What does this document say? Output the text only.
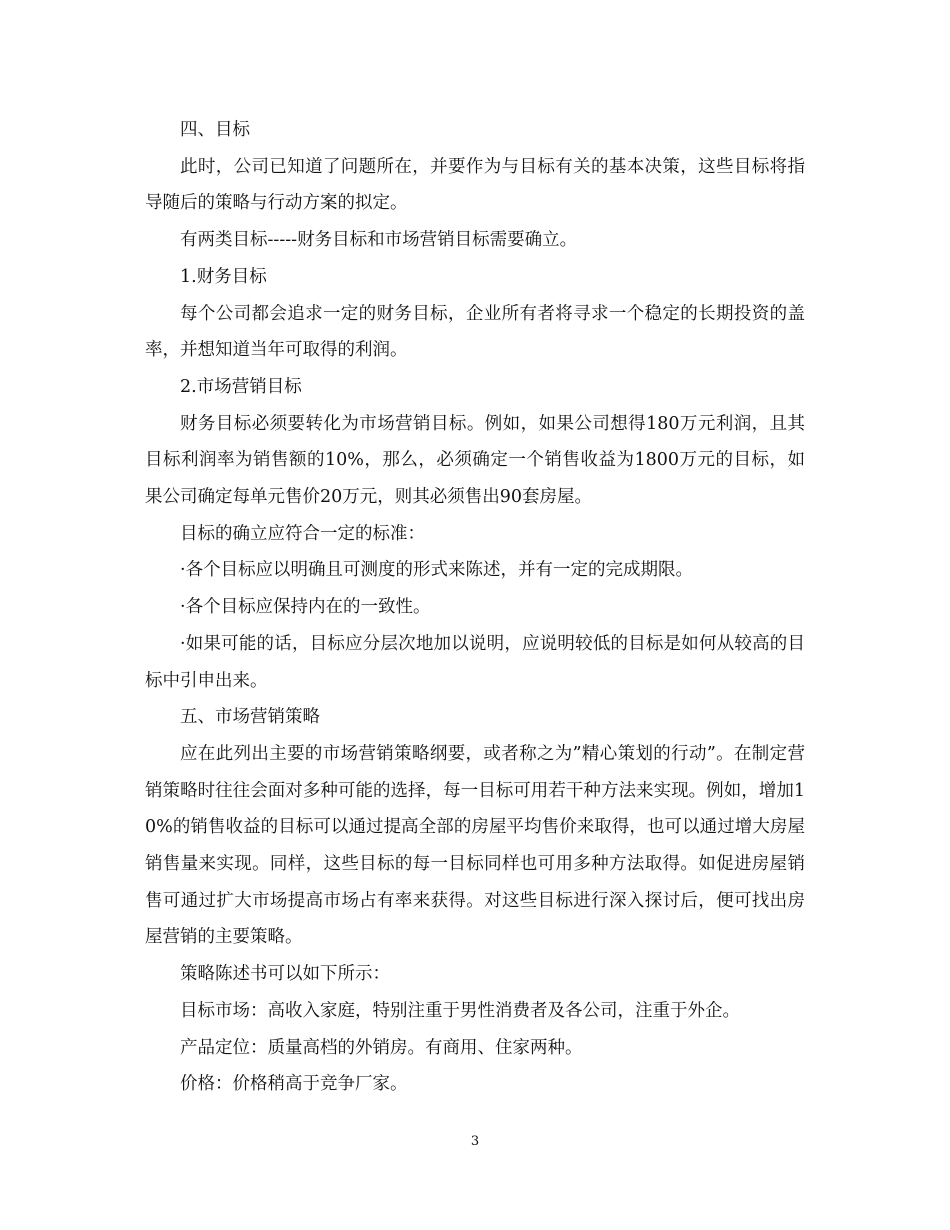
四、目标

此时，公司已知道了问题所在，并要作为与目标有关的基本决策，这些目标将指导随后的策略与行动方案的拟定。

有两类目标-----财务目标和市场营销目标需要确立。

1.财务目标

每个公司都会追求一定的财务目标，企业所有者将寻求一个稳定的长期投资的盖率，并想知道当年可取得的利润。

2.市场营销目标

财务目标必须要转化为市场营销目标。例如，如果公司想得180万元利润，且其目标利润率为销售额的10%，那么，必须确定一个销售收益为1800万元的目标，如果公司确定每单元售价20万元，则其必须售出90套房屋。

目标的确立应符合一定的标准：

·各个目标应以明确且可测度的形式来陈述，并有一定的完成期限。

·各个目标应保持内在的一致性。

·如果可能的话，目标应分层次地加以说明，应说明较低的目标是如何从较高的目标中引申出来。

五、市场营销策略

应在此列出主要的市场营销策略纲要，或者称之为”精心策划的行动”。在制定营销策略时往往会面对多种可能的选择，每一目标可用若干种方法来实现。例如，增加10%的销售收益的目标可以通过提高全部的房屋平均售价来取得，也可以通过增大房屋销售量来实现。同样，这些目标的每一目标同样也可用多种方法取得。如促进房屋销售可通过扩大市场提高市场占有率来获得。对这些目标进行深入探讨后，便可找出房屋营销的主要策略。

策略陈述书可以如下所示：

目标市场：高收入家庭，特别注重于男性消费者及各公司，注重于外企。

产品定位：质量高档的外销房。有商用、住家两种。

价格：价格稍高于竞争厂家。

3
